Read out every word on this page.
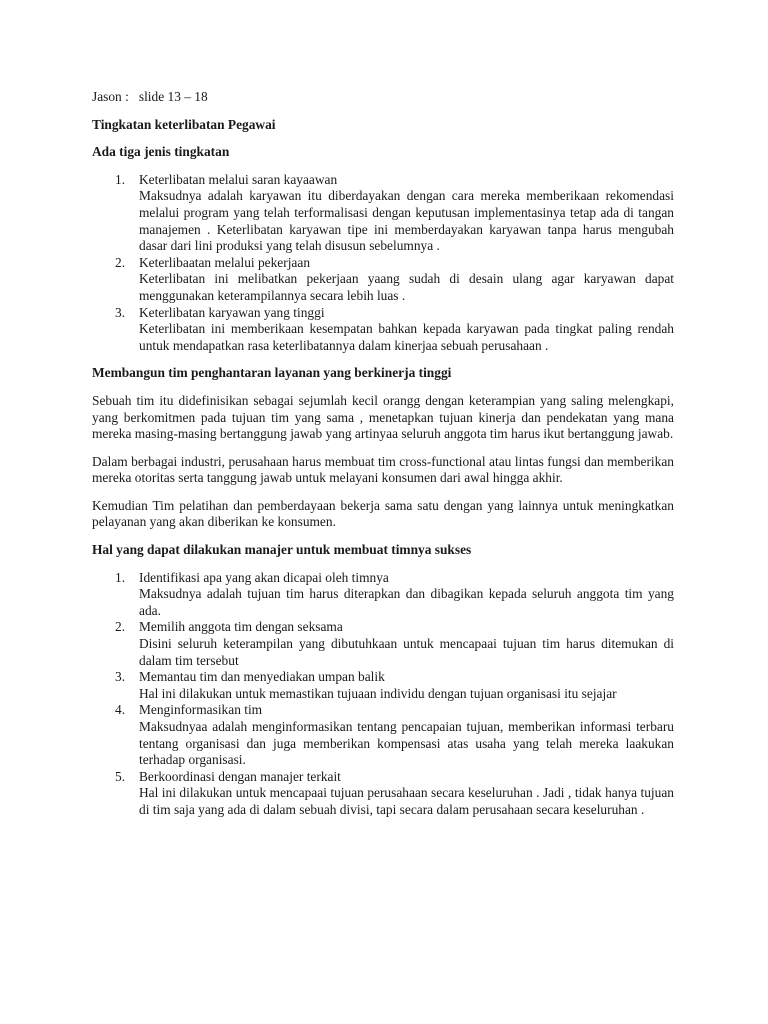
Jason :   slide 13 – 18

Tingkatan keterlibatan Pegawai

Ada tiga jenis tingkatan

1. Keterlibatan melalui saran kayaawan

Maksudnya adalah karyawan itu diberdayakan dengan cara mereka memberikaan rekomendasi melalui program yang telah terformalisasi dengan keputusan implementasinya tetap ada di tangan manajemen . Keterlibatan karyawan tipe ini memberdayakan karyawan tanpa harus mengubah dasar dari lini produksi yang telah disusun sebelumnya .

2. Keterlibaatan melalui pekerjaan

Keterlibatan ini melibatkan pekerjaan yaang sudah di desain ulang agar karyawan dapat menggunakan keterampilannya secara lebih luas .

3. Keterlibatan karyawan yang tinggi

Keterlibatan ini memberikaan kesempatan bahkan kepada karyawan pada tingkat paling rendah untuk mendapatkan rasa keterlibatannya dalam kinerjaa sebuah perusahaan .

Membangun tim penghantaran layanan yang berkinerja tinggi

Sebuah tim itu didefinisikan sebagai sejumlah kecil orangg dengan keterampian yang saling melengkapi, yang berkomitmen pada tujuan tim yang sama , menetapkan tujuan kinerja dan pendekatan yang mana mereka masing-masing bertanggung jawab yang artinyaa seluruh anggota tim harus ikut bertanggung jawab.

Dalam berbagai industri, perusahaan harus membuat tim cross-functional atau lintas fungsi dan memberikan mereka otoritas serta tanggung jawab untuk melayani konsumen dari awal hingga akhir.

Kemudian Tim pelatihan dan pemberdayaan bekerja sama satu dengan yang lainnya untuk meningkatkan pelayanan yang akan diberikan ke konsumen.

Hal yang dapat dilakukan manajer untuk membuat timnya sukses

1. Identifikasi apa yang akan dicapai oleh timnya

Maksudnya adalah tujuan tim harus diterapkan dan dibagikan kepada seluruh anggota tim yang ada.

2. Memilih anggota tim dengan seksama

Disini seluruh keterampilan yang dibutuhkaan untuk mencapaai tujuan tim harus ditemukan di dalam tim tersebut

3. Memantau tim dan menyediakan umpan balik

Hal ini dilakukan untuk memastikan tujuaan individu dengan tujuan organisasi itu sejajar

4. Menginformasikan tim

Maksudnyaa adalah menginformasikan tentang pencapaian tujuan, memberikan informasi terbaru tentang organisasi dan juga memberikan kompensasi atas usaha yang telah mereka laakukan terhadap organisasi.

5. Berkoordinasi dengan manajer terkait

Hal ini dilakukan untuk mencapaai tujuan perusahaan secara keseluruhan . Jadi , tidak hanya tujuan di tim saja yang ada di dalam sebuah divisi, tapi secara dalam perusahaan secara keseluruhan .
